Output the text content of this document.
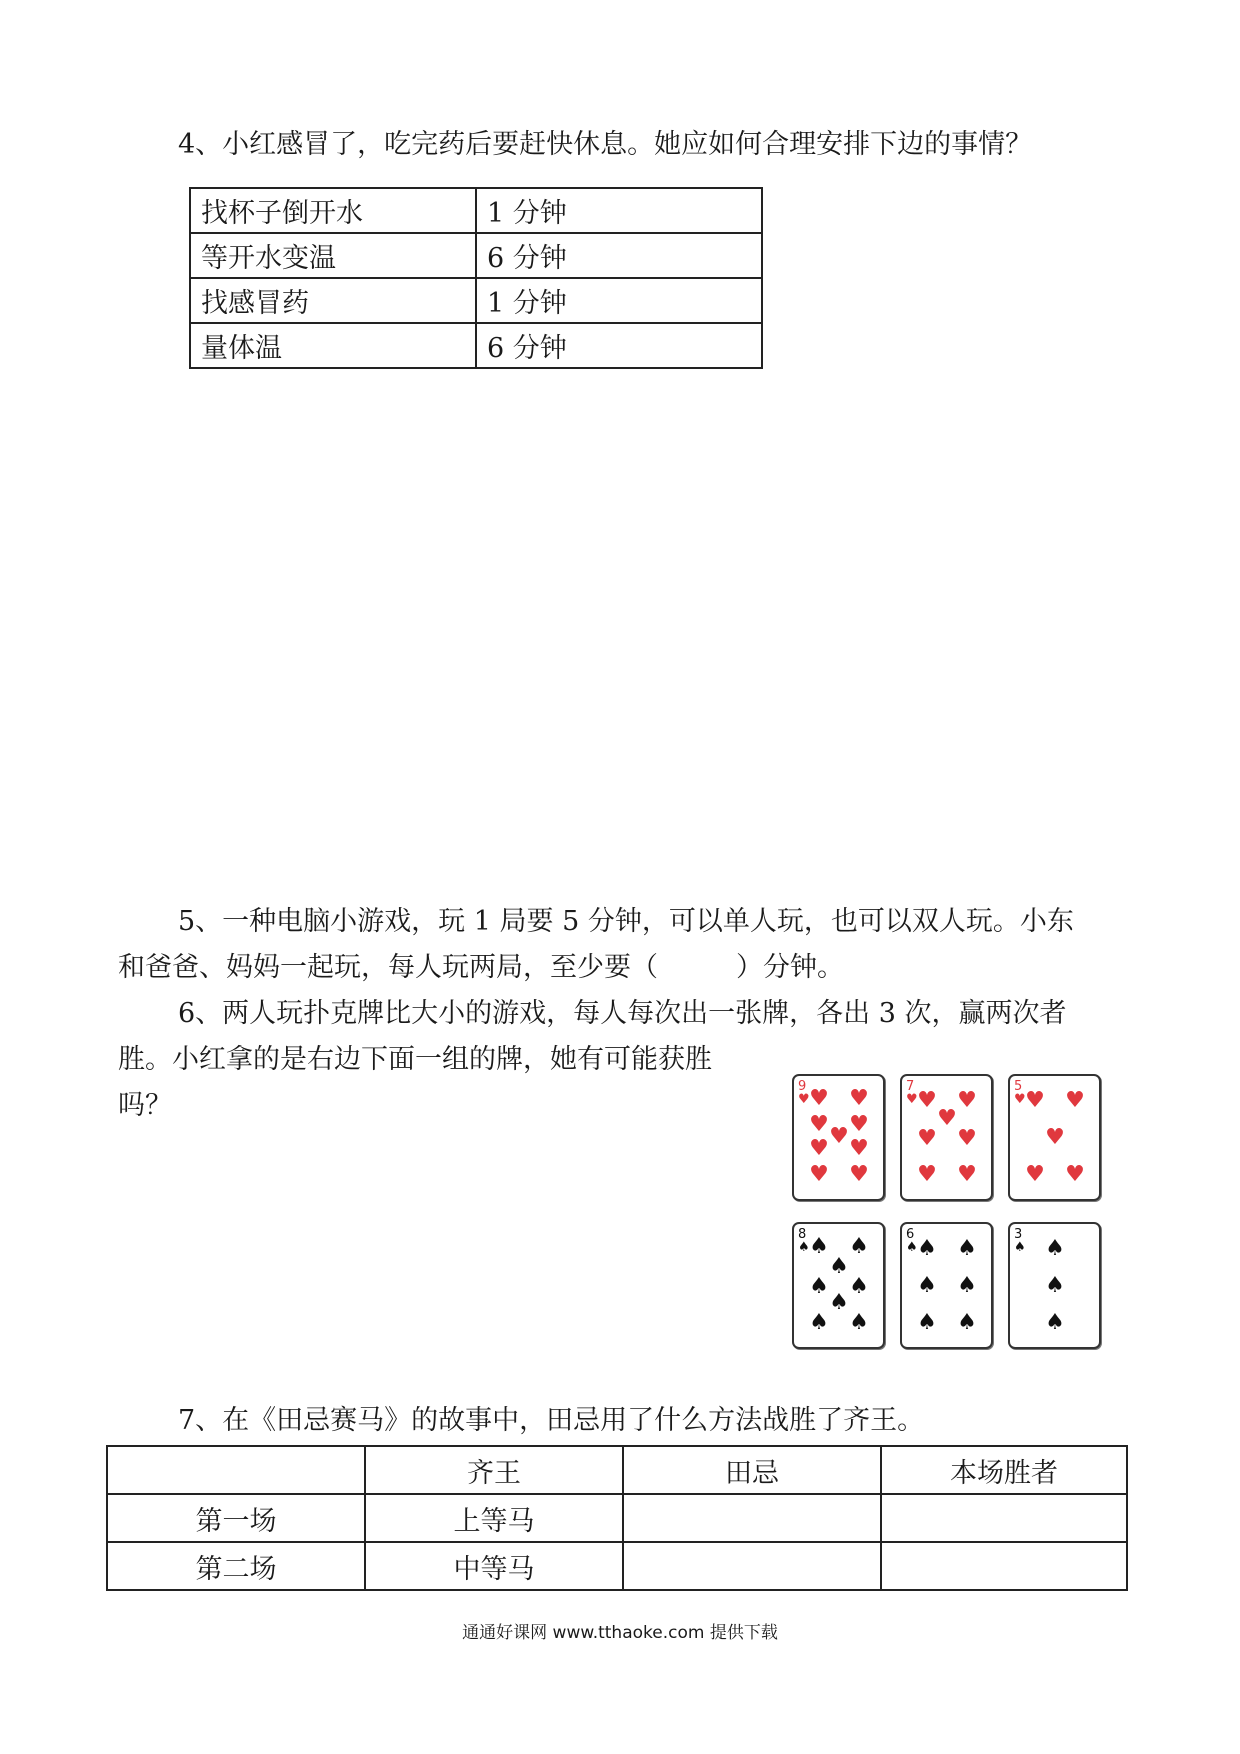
4、小红感冒了，吃完药后要赶快休息。她应如何合理安排下边的事情？
找杯子倒开水	1 分钟
等开水变温	6 分钟
找感冒药	1 分钟
量体温	6 分钟
5、一种电脑小游戏，玩 1 局要 5 分钟，可以单人玩，也可以双人玩。小东
和爸爸、妈妈一起玩，每人玩两局，至少要（	）分钟。
6、两人玩扑克牌比大小的游戏，每人每次出一张牌，各出 3 次，赢两次者
胜。小红拿的是右边下面一组的牌，她有可能获胜
吗？
9
♥ ♥ ♥
♥ ♥
♥
♥ ♥
♥ ♥
7
♥ ♥ ♥
♥
♥ ♥
♥ ♥
5
♥ ♥ ♥
♥
♥ ♥
8
♠ ♠ ♠
♠
♠ ♠
♠
♠ ♠
6
♠ ♠ ♠
♠ ♠
♠ ♠
3
♠ ♠
♠
♠
7、在《田忌赛马》的故事中，田忌用了什么方法战胜了齐王。
	齐王	田忌	本场胜者
第一场	上等马		
第二场	中等马		
通通好课网 www.tthaoke.com 提供下载
